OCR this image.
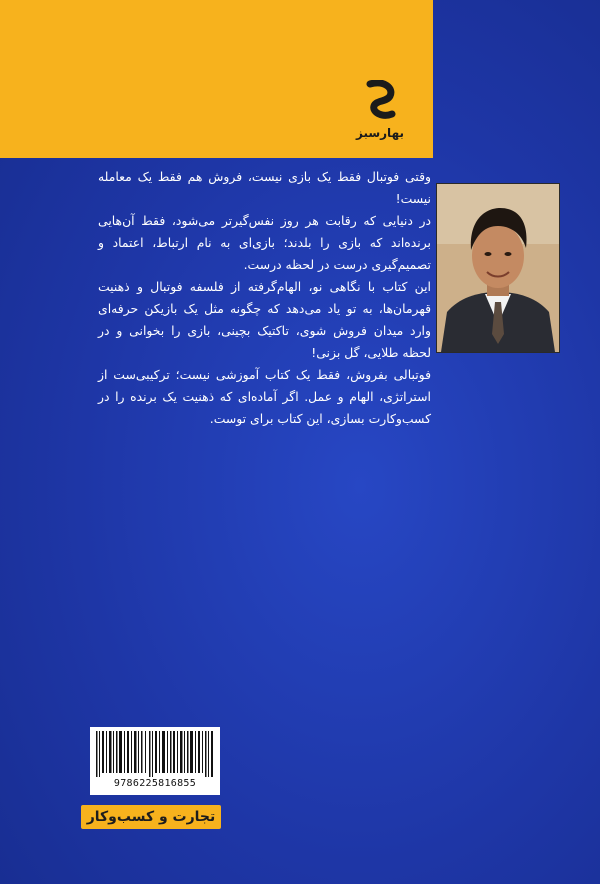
بهارسبز

وقتی فوتبال فقط یک بازی نیست، فروش هم فقط یک معامله نیست!

در دنیایی که رقابت هر روز نفس‌گیرتر می‌شود، فقط آن‌هایی برنده‌اند که بازی را بلدند؛ بازی‌ای به نام ارتباط، اعتماد و تصمیم‌گیری درست در لحظه درست.

این کتاب با نگاهی نو، الهام‌گرفته از فلسفه فوتبال و ذهنیت قهرمان‌ها، به تو یاد می‌دهد که چگونه مثل یک بازیکن حرفه‌ای وارد میدان فروش شوی، تاکتیک بچینی، بازی را بخوانی و در لحظه طلایی، گل بزنی!

فوتبالی بفروش، فقط یک کتاب آموزشی نیست؛ ترکیبی‌ست از استراتژی، الهام و عمل. اگر آماده‌ای که ذهنیت یک برنده را در کسب‌وکارت بسازی، این کتاب برای توست.

9786225816855
تجارت و کسب‌وکار
